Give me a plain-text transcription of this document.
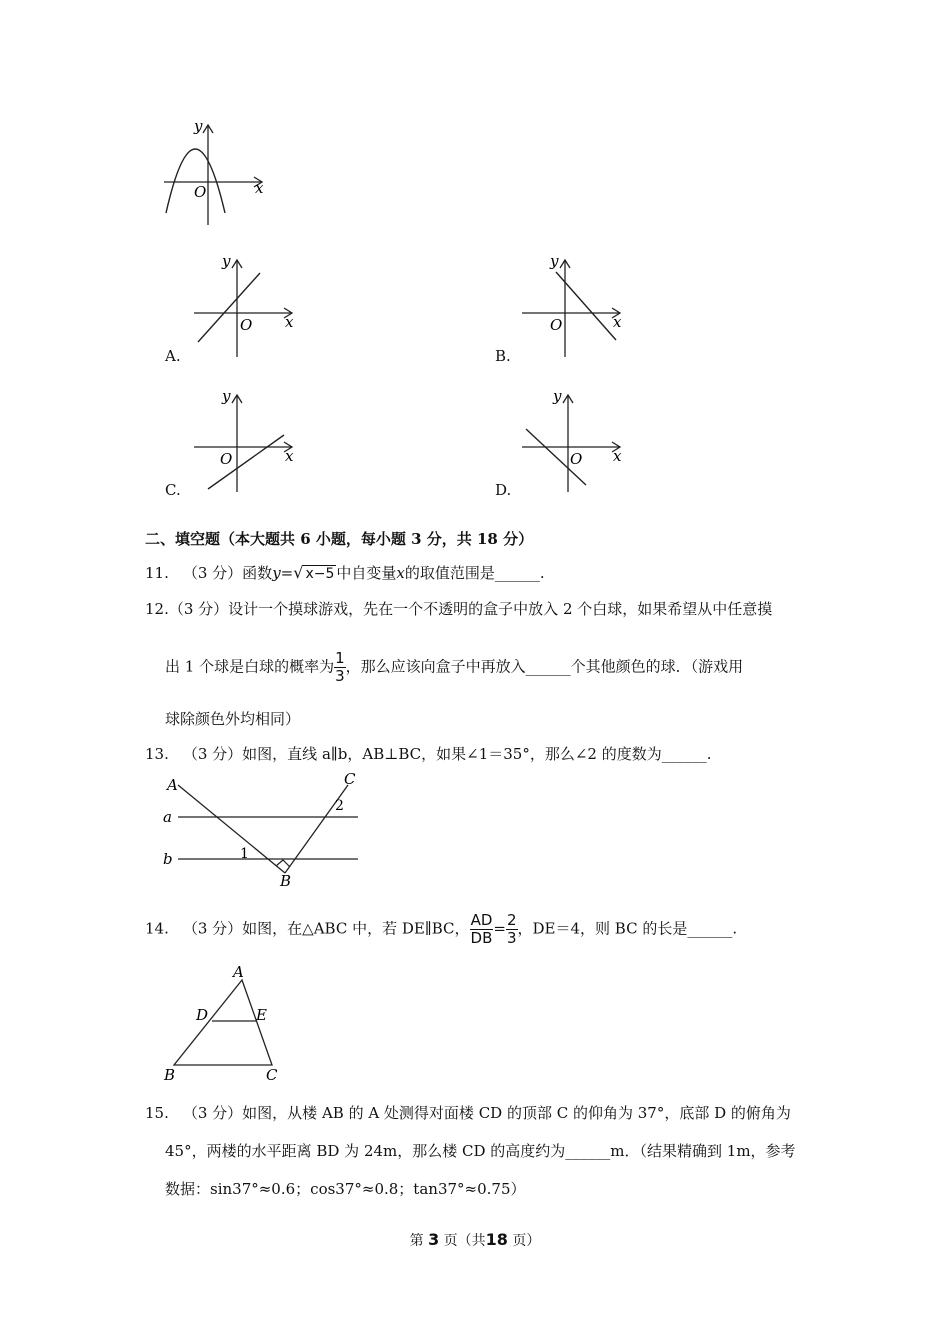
y
x
O
y
x
O
A.
y
x
O
B.
y
x
O
C.
y
x
O
D.
二、填空题（本大题共 6 小题，每小题 3 分，共 18 分）
11. （3 分）函数y=√ x−5 中自变量x的取值范围是______.
12.（3 分）设计一个摸球游戏，先在一个不透明的盒子中放入 2 个白球，如果希望从中任意摸
出 1 个球是白球的概率为 $\frac{1}{3}$ ，那么应该向盒子中再放入______个其他颜色的球．（游戏用
球除颜色外均相同）
13. （3 分）如图，直线 a∥b，AB⊥BC，如果∠1＝35°，那么∠2 的度数为______.
A	C
a
b
B
1
2
14. （3 分）如图，在△ABC 中，若 DE∥BC， $\frac{AD}{DB} = \frac{2}{3}$ ，DE＝4，则 BC 的长是______.
A
D	E
B	C
15. （3 分）如图，从楼 AB 的 A 处测得对面楼 CD 的顶部 C 的仰角为 37°，底部 D 的俯角为
45°，两楼的水平距离 BD 为 24m，那么楼 CD 的高度约为______m．（结果精确到 1m，参考
数据：sin37°≈0.6；cos37°≈0.8；tan37°≈0.75）
第 3 页（共18 页）
